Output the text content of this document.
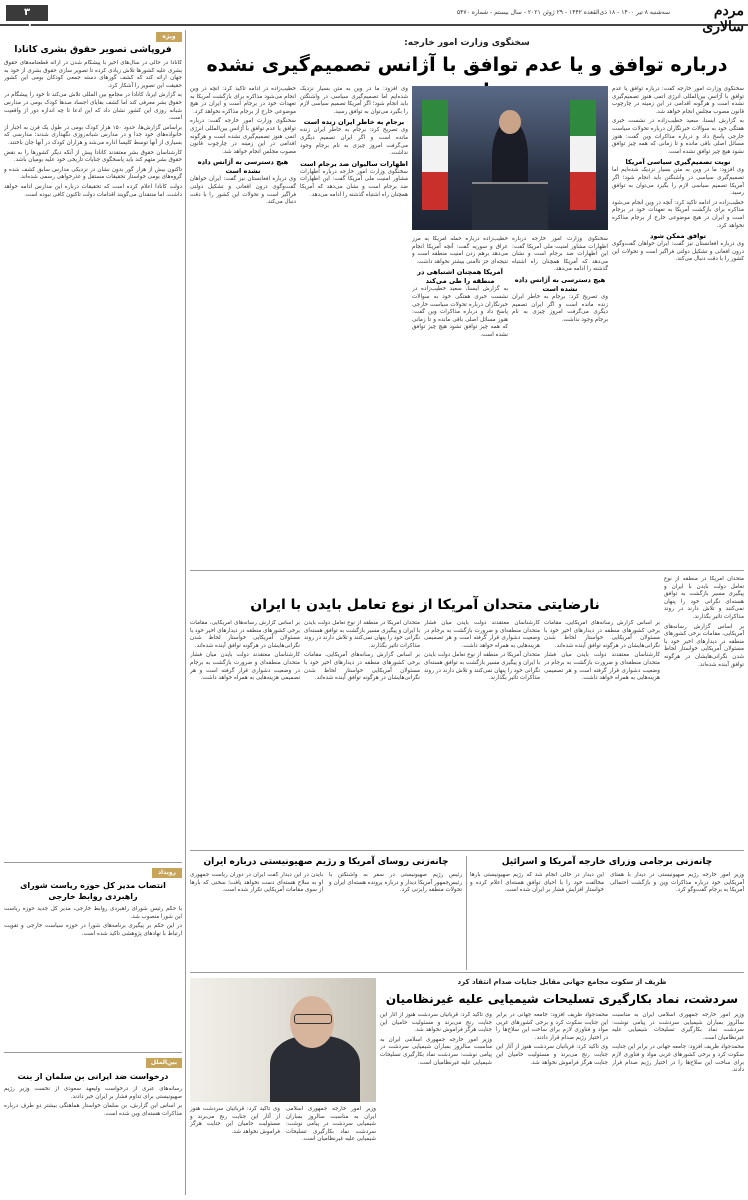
۳ سیاسی
سه‌شنبه ۸ تیر ۱۴۰۰ - ۱۸ ذی‌القعده ۱۴۴۲ - ۲۹ ژوئن ۲۰۲۱ - سال بیستم - شماره ۵۴۷۰	مردم سالاری
ویژه
فروپاشی تصویر حقوق بشری کانادا

کانادا در حالی در سال‌های اخیر با پیشگام شدن در ارائه قطعنامه‌های حقوق بشری علیه کشورها تلاش زیادی کرده تا تصویر سازی حقوق بشری از خود به جهان ارائه کند که کشف گورهای دسته جمعی کودکان بومی این کشور حقیقت این تصویر را آشکار کرد.

به گزارش ایرنا، کانادا در مجامع بین المللی تلاش می‌کند تا خود را پیشگام در حقوق بشر معرفی کند اما کشف بقایای اجساد صدها کودک بومی در مدارس شبانه روزی این کشور نشان داد که این ادعا تا چه اندازه دور از واقعیت است.

براساس گزارش‌ها، حدود ۱۵۰ هزار کودک بومی در طول یک قرن به اجبار از خانواده‌های خود جدا و در مدارس شبانه‌روزی نگهداری شدند؛ مدارسی که بسیاری از آنها توسط کلیسا اداره می‌شد و هزاران کودک در آنها جان باختند.

کارشناسان حقوق بشر معتقدند کانادا پیش از آنکه دیگر کشورها را به نقض حقوق بشر متهم کند باید پاسخگوی جنایات تاریخی خود علیه بومیان باشد.

تاکنون بیش از هزار گور بدون نشان در نزدیکی مدارس سابق کشف شده و گروه‌های بومی خواستار تحقیقات مستقل و عذرخواهی رسمی شده‌اند.

دولت کانادا اعلام کرده است که تحقیقات درباره این مدارس ادامه خواهد داشت، اما منتقدان می‌گویند اقدامات دولت تاکنون کافی نبوده است.

رویداد
انتصاب مدیر کل حوزه ریاست شورای راهبردی روابط خارجی

با حکم رئیس شورای راهبردی روابط خارجی، مدیر کل جدید حوزه ریاست این شورا منصوب شد.

در این حکم بر پیگیری برنامه‌های شورا در حوزه سیاست خارجی و تقویت ارتباط با نهادهای پژوهشی تاکید شده است.

بین‌الملل
درخواست ضد ایرانی بن سلمان از بنت

رسانه‌های عبری از درخواست ولیعهد سعودی از نخست وزیر رژیم صهیونیستی برای تداوم فشار بر ایران خبر دادند.

بر اساس این گزارش، بن سلمان خواستار هماهنگی بیشتر دو طرف درباره مذاکرات هسته‌ای وین شده است.

سخنگوی وزارت امور خارجه:
درباره توافق و یا عدم توافق با آژانس تصمیم‌گیری نشده

سخنگوی وزارت امور خارجه گفت: درباره توافق یا عدم توافق با آژانس بین‌المللی انرژی اتمی هنوز تصمیم‌گیری نشده است و هرگونه اقدامی در این زمینه در چارچوب قانون مصوب مجلس انجام خواهد شد.

به گزارش ایسنا، سعید خطیب‌زاده در نشست خبری هفتگی خود به سوالات خبرنگاران درباره تحولات سیاست خارجی پاسخ داد و درباره مذاکرات وین گفت: هنوز مسائل اصلی باقی مانده و تا زمانی که همه چیز توافق نشود هیچ چیز توافق نشده است.

نوبت تصمیم‌گیری سیاسی آمریکا

وی افزود: ما در وین به متن بسیار نزدیک شده‌ایم اما تصمیم‌گیری سیاسی در واشنگتن باید انجام شود؛ اگر آمریکا تصمیم سیاسی لازم را بگیرد می‌توان به توافق رسید.

خطیب‌زاده در ادامه تاکید کرد: آنچه در وین انجام می‌شود مذاکره برای بازگشت آمریکا به تعهدات خود در برجام است و ایران در هیچ موضوعی خارج از برجام مذاکره نخواهد کرد.

توافق ممکن شود

وی درباره افغانستان نیز گفت: ایران خواهان گفت‌وگوی درون افغانی و تشکیل دولتی فراگیر است و تحولات این کشور را با دقت دنبال می‌کند.

سخنگوی وزارت امور خارجه درباره اظهارات مشاور امنیت ملی آمریکا گفت: این اظهارات ضد برجام است و نشان می‌دهد که آمریکا همچنان راه اشتباه گذشته را ادامه می‌دهد.

هیچ دسترسی به آژانس داده نشده است

وی تصریح کرد: برجام به خاطر ایران زنده مانده است و اگر ایران تصمیم دیگری می‌گرفت امروز چیزی به نام برجام وجود نداشت.

خطیب‌زاده درباره حمله آمریکا به مرز عراق و سوریه گفت: آنچه آمریکا انجام می‌دهد برهم زدن امنیت منطقه است و نتیجه‌ای جز ناامنی بیشتر نخواهد داشت.

آمریکا همچنان اشتباهی در منطقه را طی می‌کند

به گزارش ایسنا، سعید خطیب‌زاده در نشست خبری هفتگی خود به سوالات خبرنگاران درباره تحولات سیاست خارجی پاسخ داد و درباره مذاکرات وین گفت: هنوز مسائل اصلی باقی مانده و تا زمانی که همه چیز توافق نشود هیچ چیز توافق نشده است.

وی افزود: ما در وین به متن بسیار نزدیک شده‌ایم اما تصمیم‌گیری سیاسی در واشنگتن باید انجام شود؛ اگر آمریکا تصمیم سیاسی لازم را بگیرد می‌توان به توافق رسید.

برجام به خاطر ایران زنده است

وی تصریح کرد: برجام به خاطر ایران زنده مانده است و اگر ایران تصمیم دیگری می‌گرفت امروز چیزی به نام برجام وجود نداشت.

اظهارات سالیوان ضد برجام است

سخنگوی وزارت امور خارجه درباره اظهارات مشاور امنیت ملی آمریکا گفت: این اظهارات ضد برجام است و نشان می‌دهد که آمریکا همچنان راه اشتباه گذشته را ادامه می‌دهد.

خطیب‌زاده در ادامه تاکید کرد: آنچه در وین انجام می‌شود مذاکره برای بازگشت آمریکا به تعهدات خود در برجام است و ایران در هیچ موضوعی خارج از برجام مذاکره نخواهد کرد.

سخنگوی وزارت امور خارجه گفت: درباره توافق یا عدم توافق با آژانس بین‌المللی انرژی اتمی هنوز تصمیم‌گیری نشده است و هرگونه اقدامی در این زمینه در چارچوب قانون مصوب مجلس انجام خواهد شد.

هیچ دسترسی به آژانس داده نشده است

وی درباره افغانستان نیز گفت: ایران خواهان گفت‌وگوی درون افغانی و تشکیل دولتی فراگیر است و تحولات این کشور را با دقت دنبال می‌کند.

نارضایتی متحدان آمریکا از نوع تعامل بایدن با ایران

متحدان آمریکا در منطقه از نوع تعامل دولت بایدن با ایران و پیگیری مسیر بازگشت به توافق هسته‌ای نگرانی خود را پنهان نمی‌کنند و تلاش دارند در روند مذاکرات تاثیر بگذارند.

بر اساس گزارش رسانه‌های آمریکایی، مقامات برخی کشورهای منطقه در دیدارهای اخیر خود با مسئولان آمریکایی خواستار لحاظ شدن نگرانی‌هایشان در هرگونه توافق آینده شده‌اند.

بر اساس گزارش رسانه‌های آمریکایی، مقامات برخی کشورهای منطقه در دیدارهای اخیر خود با مسئولان آمریکایی خواستار لحاظ شدن نگرانی‌هایشان در هرگونه توافق آینده شده‌اند.

کارشناسان معتقدند دولت بایدن میان فشار متحدان منطقه‌ای و ضرورت بازگشت به برجام در وضعیت دشواری قرار گرفته است و هر تصمیمی هزینه‌هایی به همراه خواهد داشت.

کارشناسان معتقدند دولت بایدن میان فشار متحدان منطقه‌ای و ضرورت بازگشت به برجام در وضعیت دشواری قرار گرفته است و هر تصمیمی هزینه‌هایی به همراه خواهد داشت.

متحدان آمریکا در منطقه از نوع تعامل دولت بایدن با ایران و پیگیری مسیر بازگشت به توافق هسته‌ای نگرانی خود را پنهان نمی‌کنند و تلاش دارند در روند مذاکرات تاثیر بگذارند.

متحدان آمریکا در منطقه از نوع تعامل دولت بایدن با ایران و پیگیری مسیر بازگشت به توافق هسته‌ای نگرانی خود را پنهان نمی‌کنند و تلاش دارند در روند مذاکرات تاثیر بگذارند.

بر اساس گزارش رسانه‌های آمریکایی، مقامات برخی کشورهای منطقه در دیدارهای اخیر خود با مسئولان آمریکایی خواستار لحاظ شدن نگرانی‌هایشان در هرگونه توافق آینده شده‌اند.

بر اساس گزارش رسانه‌های آمریکایی، مقامات برخی کشورهای منطقه در دیدارهای اخیر خود با مسئولان آمریکایی خواستار لحاظ شدن نگرانی‌هایشان در هرگونه توافق آینده شده‌اند.

کارشناسان معتقدند دولت بایدن میان فشار متحدان منطقه‌ای و ضرورت بازگشت به برجام در وضعیت دشواری قرار گرفته است و هر تصمیمی هزینه‌هایی به همراه خواهد داشت.

چانه‌زنی بر‌جامی وزرای خارجه آمریکا و اسرائیل

وزیر امور خارجه رژیم صهیونیستی در دیدار با همتای آمریکایی خود درباره مذاکرات وین و بازگشت احتمالی آمریکا به برجام گفت‌وگو کرد.

این دیدار در حالی انجام شد که رژیم صهیونیستی بارها مخالفت خود را با احیای توافق هسته‌ای اعلام کرده و خواستار افزایش فشار بر ایران شده است.

چانه‌زنی روسای آمریکا و رژیم صهیونیستی درباره ایران

رئیس رژیم صهیونیستی در سفر به واشنگتن با رئیس‌جمهور آمریکا دیدار و درباره پرونده هسته‌ای ایران و تحولات منطقه رایزنی کرد.

بایدن در این دیدار گفت ایران در دوران ریاست جمهوری او به سلاح هسته‌ای دست نخواهد یافت؛ سخنی که بارها از سوی مقامات آمریکایی تکرار شده است.

ظریف از سکوت مجامع جهانی مقابل جنایات صدام انتقاد کرد
سردشت، نماد بکارگیری تسلیحات شیمیایی علیه غیرنظامیان

وزیر امور خارجه جمهوری اسلامی ایران به مناسبت سالروز بمباران شیمیایی سردشت در پیامی نوشت: سردشت نماد بکارگیری تسلیحات شیمیایی علیه غیرنظامیان است.

محمدجواد ظریف افزود: جامعه جهانی در برابر این جنایت سکوت کرد و برخی کشورهای غربی مواد و فناوری لازم برای ساخت این سلاح‌ها را در اختیار رژیم صدام قرار دادند.

محمدجواد ظریف افزود: جامعه جهانی در برابر این جنایت سکوت کرد و برخی کشورهای غربی مواد و فناوری لازم برای ساخت این سلاح‌ها را در اختیار رژیم صدام قرار دادند.

وی تاکید کرد: قربانیان سردشت هنوز از آثار این جنایت رنج می‌برند و مسئولیت حامیان این جنایت هرگز فراموش نخواهد شد.

وی تاکید کرد: قربانیان سردشت هنوز از آثار این جنایت رنج می‌برند و مسئولیت حامیان این جنایت هرگز فراموش نخواهد شد.

وزیر امور خارجه جمهوری اسلامی ایران به مناسبت سالروز بمباران شیمیایی سردشت در پیامی نوشت: سردشت نماد بکارگیری تسلیحات شیمیایی علیه غیرنظامیان است.

وزیر امور خارجه جمهوری اسلامی ایران به مناسبت سالروز بمباران شیمیایی سردشت در پیامی نوشت: سردشت نماد بکارگیری تسلیحات شیمیایی علیه غیرنظامیان است.

وی تاکید کرد: قربانیان سردشت هنوز از آثار این جنایت رنج می‌برند و مسئولیت حامیان این جنایت هرگز فراموش نخواهد شد.
